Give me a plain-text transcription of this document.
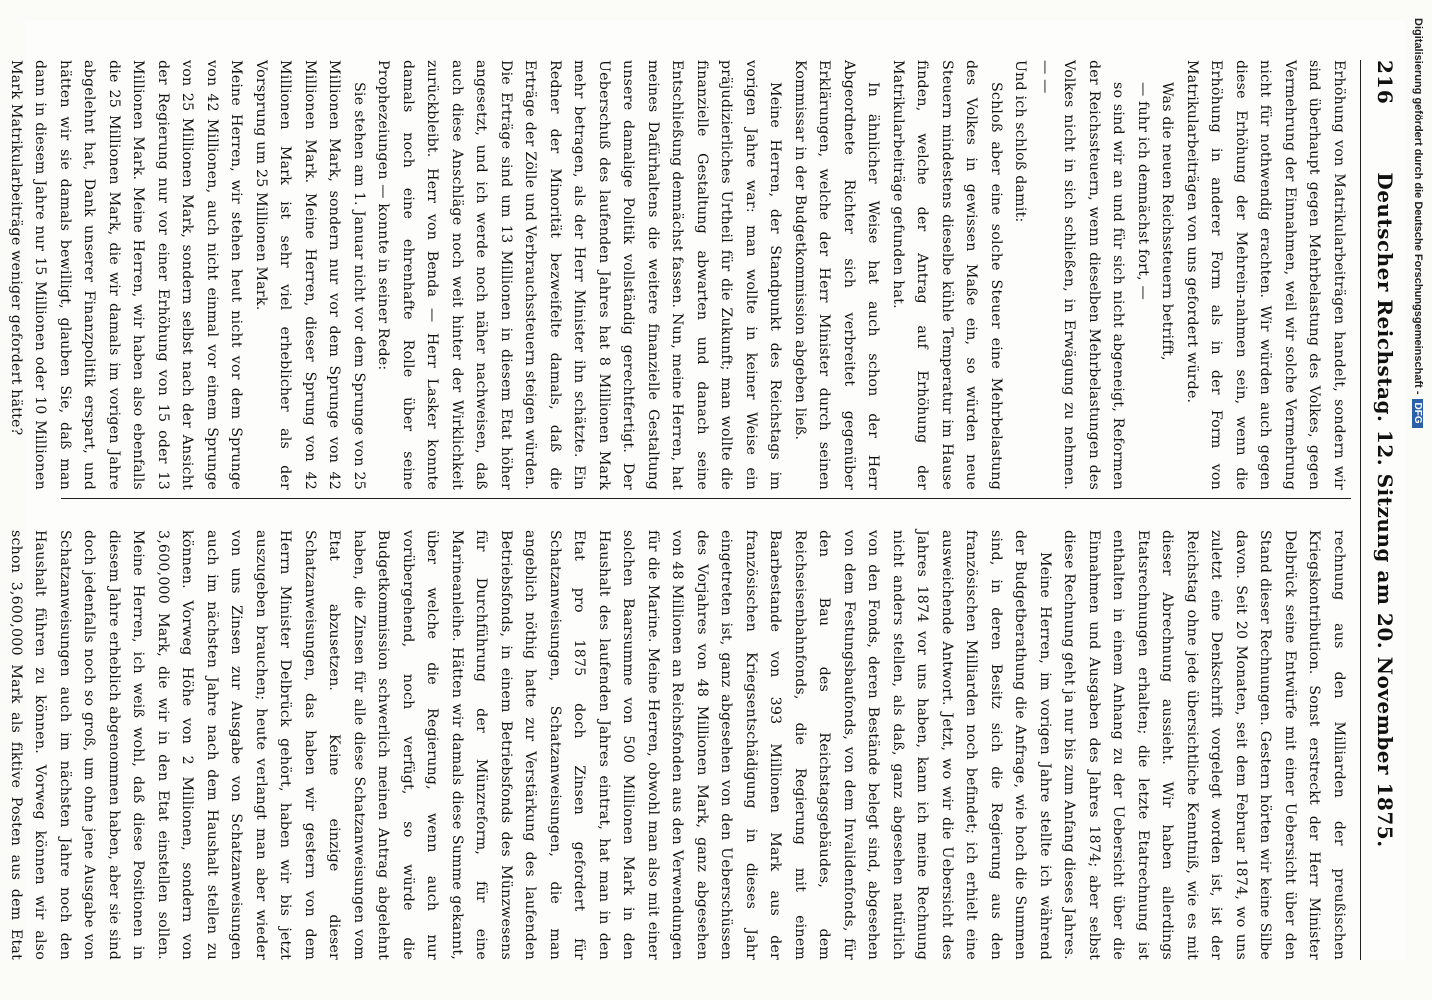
216
Deutscher Reichstag. 12. Sitzung am 20. November 1875.

Erhöhung von Matrikularbeiträgen handelt, sondern wir sind überhaupt gegen Mehrbelastung des Volkes, gegen Vermehrung der Einnahmen, weil wir solche Vermehrung nicht für nothwendig erachten. Wir würden auch gegen diese Erhöhung der Mehrein-nahmen sein, wenn die Erhöhung in anderer Form als in der Form von Matrikularbeiträgen von uns gefordert würde.

Was die neuen Reichssteuern betrifft,

— fuhr ich demnächst fort, —

so sind wir an und für sich nicht abgeneigt, Reformen der Reichssteuern, wenn dieselben Mehrbelastungen des Volkes nicht in sich schließen, in Erwägung zu nehmen. — —

Und ich schloß damit:

Schloß aber eine solche Steuer eine Mehrbelastung des Volkes in gewissen Maße ein, so würden neue Steuern mindestens dieselbe kühle Temperatur im Hause finden, welche der Antrag auf Erhöhung der Matrikularbeiträge gefunden hat.

In ähnlicher Weise hat auch schon der Herr Abgeordnete Richter sich verbreitet gegenüber Erklärungen, welche der Herr Minister durch seinen Kommissar in der Budgetkommission abgeben ließ.

Meine Herren, der Standpunkt des Reichstags im vorigen Jahre war: man wollte in keiner Weise ein präjudizierliches Urtheil für die Zukunft; man wollte die finanzielle Gestaltung abwarten und danach seine Entschließung demnächst fassen. Nun, meine Herren, hat meines Dafürhaltens die weitere finanzielle Gestaltung unsere damalige Politik vollständig gerechtfertigt. Der Ueberschuß des laufenden Jahres hat 8 Millionen Mark mehr betragen, als der Herr Minister ihn schätzte. Ein Redner der Minorität bezweifelte damals, daß die Erträge der Zölle und Verbrauchssteuern steigen würden. Die Erträge sind um 13 Millionen in diesem Etat höher angesetzt, und ich werde noch näher nachweisen, daß auch diese Anschläge noch weit hinter der Wirklichkeit zurückbleibt. Herr von Benda — Herr Lasker konnte damals noch eine ehrenhafte Rolle über seine Prophezeiungen — konnte in seiner Rede:

Sie stehen am 1. Januar nicht vor dem Sprunge von 25 Millionen Mark, sondern nur vor dem Sprunge von 42 Millionen Mark. Meine Herren, dieser Sprung von 42 Millionen Mark ist sehr viel erheblicher als der Vorsprung um 25 Millionen Mark.

Meine Herren, wir stehen heut nicht vor dem Sprunge von 42 Millionen, auch nicht einmal vor einem Sprunge von 25 Millionen Mark, sondern selbst nach der Ansicht der Regierung nur vor einer Erhöhung von 15 oder 13 Millionen Mark. Meine Herren, wir haben also ebenfalls die 25 Millionen Mark, die wir damals im vorigen Jahre abgelehnt hat, Dank unserer Finanzpolitik erspart, und hätten wir sie damals bewilligt, glauben Sie, daß man dann in diesem Jahre nur 15 Millionen oder 10 Millionen Mark Matrikularbeiträge weniger gefordert hätte?

rechnung aus den Milliarden der preußischen Kriegskontribution. Sonst erstreckt der Herr Minister Delbrück seine Entwürfe mit einer Uebersicht über den Stand dieser Rechnungen. Gestern hörten wir keine Silbe davon. Seit 20 Monaten, seit dem Februar 1874, wo uns zuletzt eine Denkschrift vorgelegt worden ist, ist der Reichstag ohne jede übersichtliche Kenntniß, wie es mit dieser Abrechnung aussieht. Wir haben allerdings Etatsrechnungen erhalten; die letzte Etatrechnung ist enthalten in einem Anhang zu der Uebersicht über die Einnahmen und Ausgaben des Jahres 1874; aber selbst diese Rechnung geht ja nur bis zum Anfang dieses Jahres.

Meine Herren, im vorigen Jahre stellte ich während der Budgetberathung die Anfrage, wie hoch die Summen sind, in deren Besitz sich die Regierung aus den französischen Milliarden noch befindet; ich erhielt eine ausweichende Antwort. Jetzt, wo wir die Uebersicht des Jahres 1874 vor uns haben, kann ich meine Rechnung nicht anders stellen, als daß, ganz abgesehen natürlich von den Fonds, deren Bestände belegt sind, abgesehen von dem Festungsbaufonds, von dem Invalidenfonds, für den Bau des Reichstagsgebäudes, dem Reichseisenbahnfonds, die Regierung mit einem Baarbestande von 393 Millionen Mark aus der französischen Kriegsentschädigung in dieses Jahr eingetreten ist, ganz abgesehen von den Ueberschüssen des Vorjahres von 48 Millionen Mark, ganz abgesehen von 48 Millionen an Reichsfonden aus den Verwendungen für die Marine. Meine Herren, obwohl man also mit einer solchen Baarsumme von 500 Millionen Mark in den Haushalt des laufenden Jahres eintrat, hat man in den Etat pro 1875 doch Zinsen gefordert für Schatzanweisungen, Schatzanweisungen, die man angeblich nöthig hatte zur Verstärkung des laufenden Betriebsfonds, in einem Betriebsfonds des Münzwesens für Durchführung der Münzreform, für eine Marineanleihe. Hätten wir damals diese Summe gekannt, über welche die Regierung, wenn auch nur vorübergehend, noch verfügt, so würde die Budgetkommission schwerlich meinen Antrag abgelehnt haben, die Zinsen für alle diese Schatzanweisungen vom Etat abzusetzen. Keine einzige dieser Schatzanweisungen, das haben wir gestern von dem Herrn Minister Delbrück gehört, haben wir bis jetzt auszugeben brauchen; heute verlangt man aber wieder von uns Zinsen zur Ausgabe von Schatzanweisungen auch im nächsten Jahre nach dem Haushalt stellen zu können. Vorweg Höhe von 2 Millionen, sondern von 3,600,000 Mark, die wir in den Etat einstellen sollen. Meine Herren, ich weiß wohl, daß diese Positionen in diesem Jahre erheblich abgenommen haben, aber sie sind doch jedenfalls noch so groß, um ohne jene Ausgabe von Schatzanweisungen auch im nächsten Jahre noch den Haushalt führen zu können. Vorweg können wir also schon 3,600,000 Mark als fiktive Posten aus dem Etat

Digitalisierung gefördert durch die Deutsche Forschungsgemeinschaft -DFG
